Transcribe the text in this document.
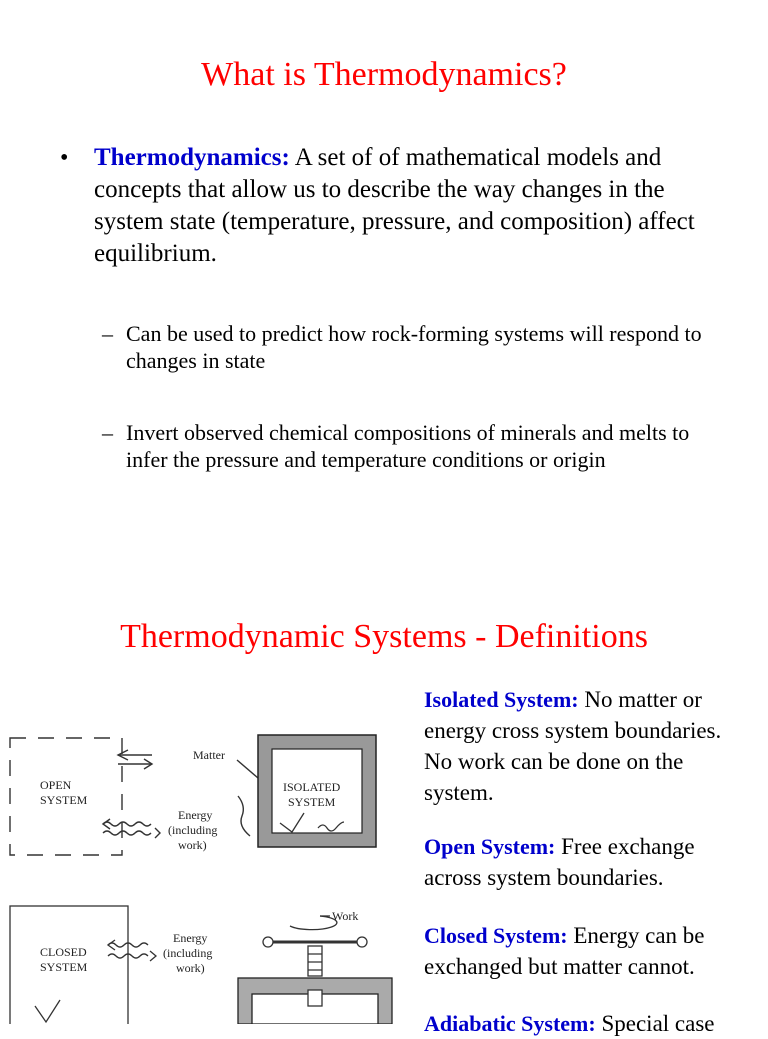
What is Thermodynamics?
• Thermodynamics: A set of of mathematical models and concepts that allow us to describe the way changes in the system state (temperature, pressure, and composition) affect equilibrium.
– Can be used to predict how rock-forming systems will respond to changes in state
– Invert observed chemical compositions of minerals and melts to infer the pressure and temperature conditions or origin
Thermodynamic Systems - Definitions
Isolated System: No matter or energy cross system boundaries. No work can be done on the system.
Open System: Free exchange across system boundaries.
Closed System: Energy can be exchanged but matter cannot.
Adiabatic System: Special case
OPEN
SYSTEM
Matter
Energy
(including
work)
ISOLATED
SYSTEM
CLOSED
SYSTEM
Energy
(including
work)
Work
